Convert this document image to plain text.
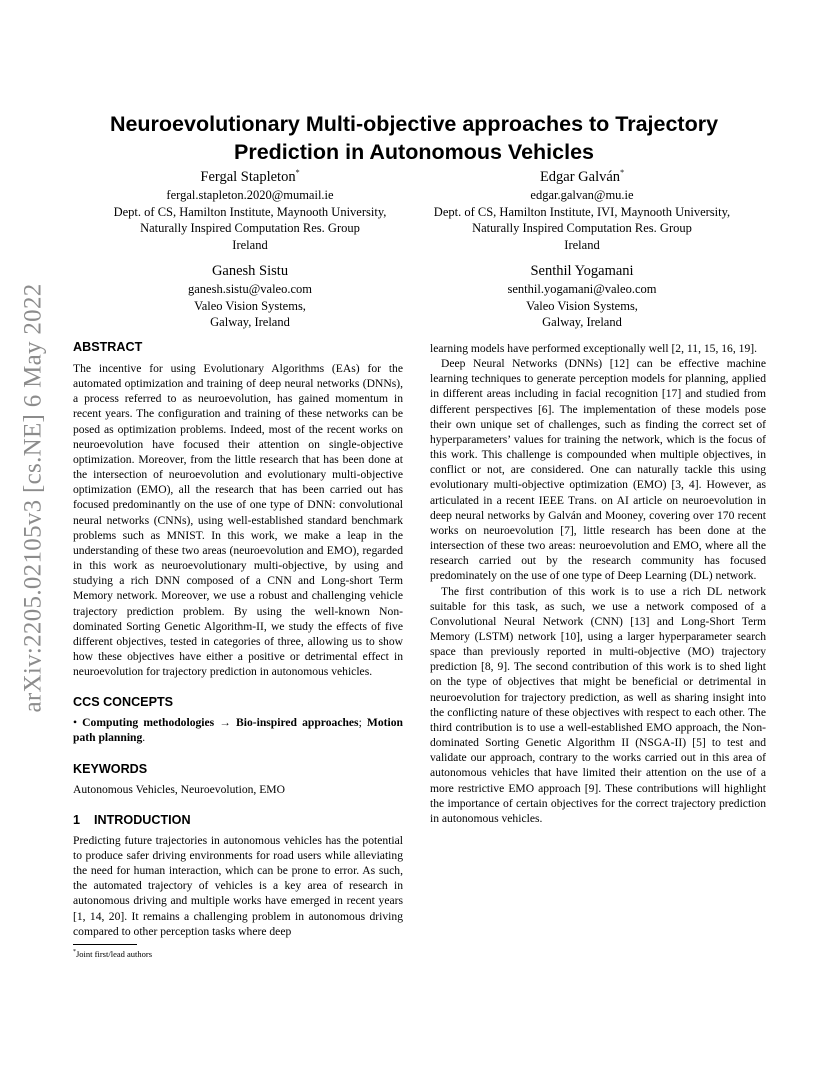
arXiv:2205.02105v3 [cs.NE] 6 May 2022
Neuroevolutionary Multi-objective approaches to Trajectory Prediction in Autonomous Vehicles
Fergal Stapleton*
fergal.stapleton.2020@mumail.ie
Dept. of CS, Hamilton Institute, Maynooth University,
Naturally Inspired Computation Res. Group
Ireland
Edgar Galván*
edgar.galvan@mu.ie
Dept. of CS, Hamilton Institute, IVI, Maynooth University,
Naturally Inspired Computation Res. Group
Ireland
Ganesh Sistu
ganesh.sistu@valeo.com
Valeo Vision Systems,
Galway, Ireland
Senthil Yogamani
senthil.yogamani@valeo.com
Valeo Vision Systems,
Galway, Ireland
ABSTRACT

The incentive for using Evolutionary Algorithms (EAs) for the automated optimization and training of deep neural networks (DNNs), a process referred to as neuroevolution, has gained momentum in recent years. The configuration and training of these networks can be posed as optimization problems. Indeed, most of the recent works on neuroevolution have focused their attention on single-objective optimization. Moreover, from the little research that has been done at the intersection of neuroevolution and evolutionary multi-objective optimization (EMO), all the research that has been carried out has focused predominantly on the use of one type of DNN: convolutional neural networks (CNNs), using well-established standard benchmark problems such as MNIST. In this work, we make a leap in the understanding of these two areas (neuroevolution and EMO), regarded in this work as neuroevolutionary multi-objective, by using and studying a rich DNN composed of a CNN and Long-short Term Memory network. Moreover, we use a robust and challenging vehicle trajectory prediction problem. By using the well-known Non-dominated Sorting Genetic Algorithm-II, we study the effects of five different objectives, tested in categories of three, allowing us to show how these objectives have either a positive or detrimental effect in neuroevolution for trajectory prediction in autonomous vehicles.

CCS CONCEPTS

• Computing methodologies → Bio-inspired approaches; Motion path planning.

KEYWORDS

Autonomous Vehicles, Neuroevolution, EMO

1 INTRODUCTION

Predicting future trajectories in autonomous vehicles has the potential to produce safer driving environments for road users while alleviating the need for human interaction, which can be prone to error. As such, the automated trajectory of vehicles is a key area of research in autonomous driving and multiple works have emerged in recent years [1, 14, 20]. It remains a challenging problem in autonomous driving compared to other perception tasks where deep

learning models have performed exceptionally well [2, 11, 15, 16, 19].

Deep Neural Networks (DNNs) [12] can be effective machine learning techniques to generate perception models for planning, applied in different areas including in facial recognition [17] and studied from different perspectives [6]. The implementation of these models pose their own unique set of challenges, such as finding the correct set of hyperparameters’ values for training the network, which is the focus of this work. This challenge is compounded when multiple objectives, in conflict or not, are considered. One can naturally tackle this using evolutionary multi-objective optimization (EMO) [3, 4]. However, as articulated in a recent IEEE Trans. on AI article on neuroevolution in deep neural networks by Galván and Mooney, covering over 170 recent works on neuroevolution [7], little research has been done at the intersection of these two areas: neuroevolution and EMO, where all the research carried out by the research community has focused predominately on the use of one type of Deep Learning (DL) network.

The first contribution of this work is to use a rich DL network suitable for this task, as such, we use a network composed of a Convolutional Neural Network (CNN) [13] and Long-Short Term Memory (LSTM) network [10], using a larger hyperparameter search space than previously reported in multi-objective (MO) trajectory prediction [8, 9]. The second contribution of this work is to shed light on the type of objectives that might be beneficial or detrimental in neuroevolution for trajectory prediction, as well as sharing insight into the conflicting nature of these objectives with respect to each other. The third contribution is to use a well-established EMO approach, the Non-dominated Sorting Genetic Algorithm II (NSGA-II) [5] to test and validate our approach, contrary to the works carried out in this area of autonomous vehicles that have limited their attention on the use of a more restrictive EMO approach [9]. These contributions will highlight the importance of certain objectives for the correct trajectory prediction in autonomous vehicles.

*Joint first/lead authors
